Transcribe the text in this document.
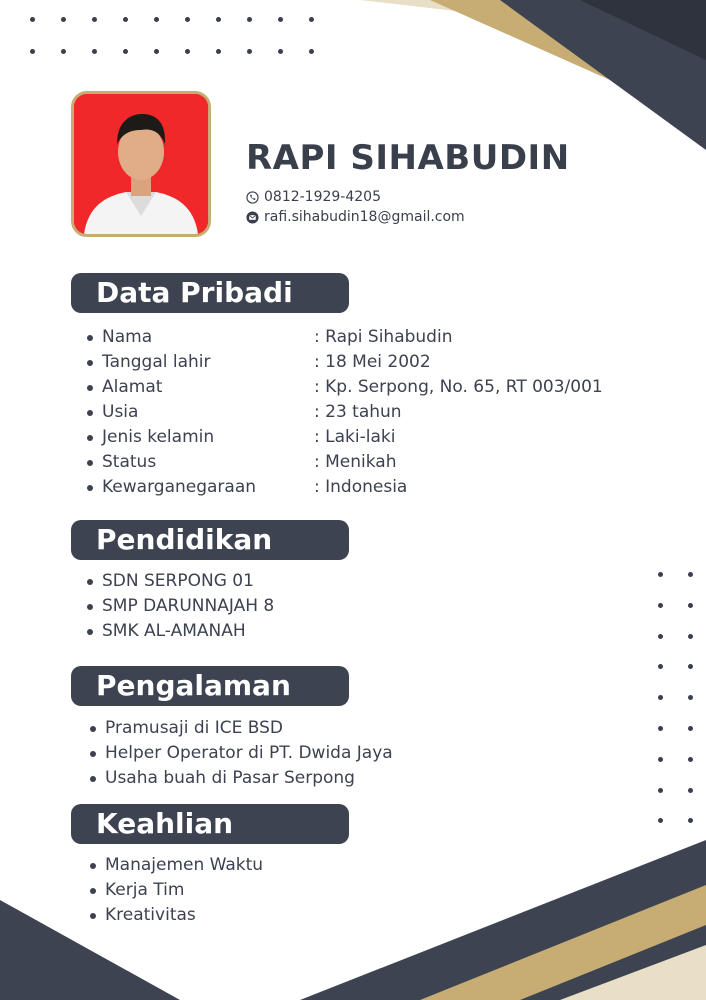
RAPI SIHABUDIN
0812-1929-4205
rafi.sihabudin18@gmail.com
Data Pribadi
Nama	: Rapi Sihabudin
Tanggal lahir	: 18 Mei 2002
Alamat	: Kp. Serpong, No. 65, RT 003/001
Usia	: 23 tahun
Jenis kelamin	: Laki-laki
Status	: Menikah
Kewarganegaraan	: Indonesia
Pendidikan
SDN SERPONG 01
SMP DARUNNAJAH 8
SMK AL-AMANAH
Pengalaman
Pramusaji di ICE BSD
Helper Operator di PT. Dwida Jaya
Usaha buah di Pasar Serpong
Keahlian
Manajemen Waktu
Kerja Tim
Kreativitas
